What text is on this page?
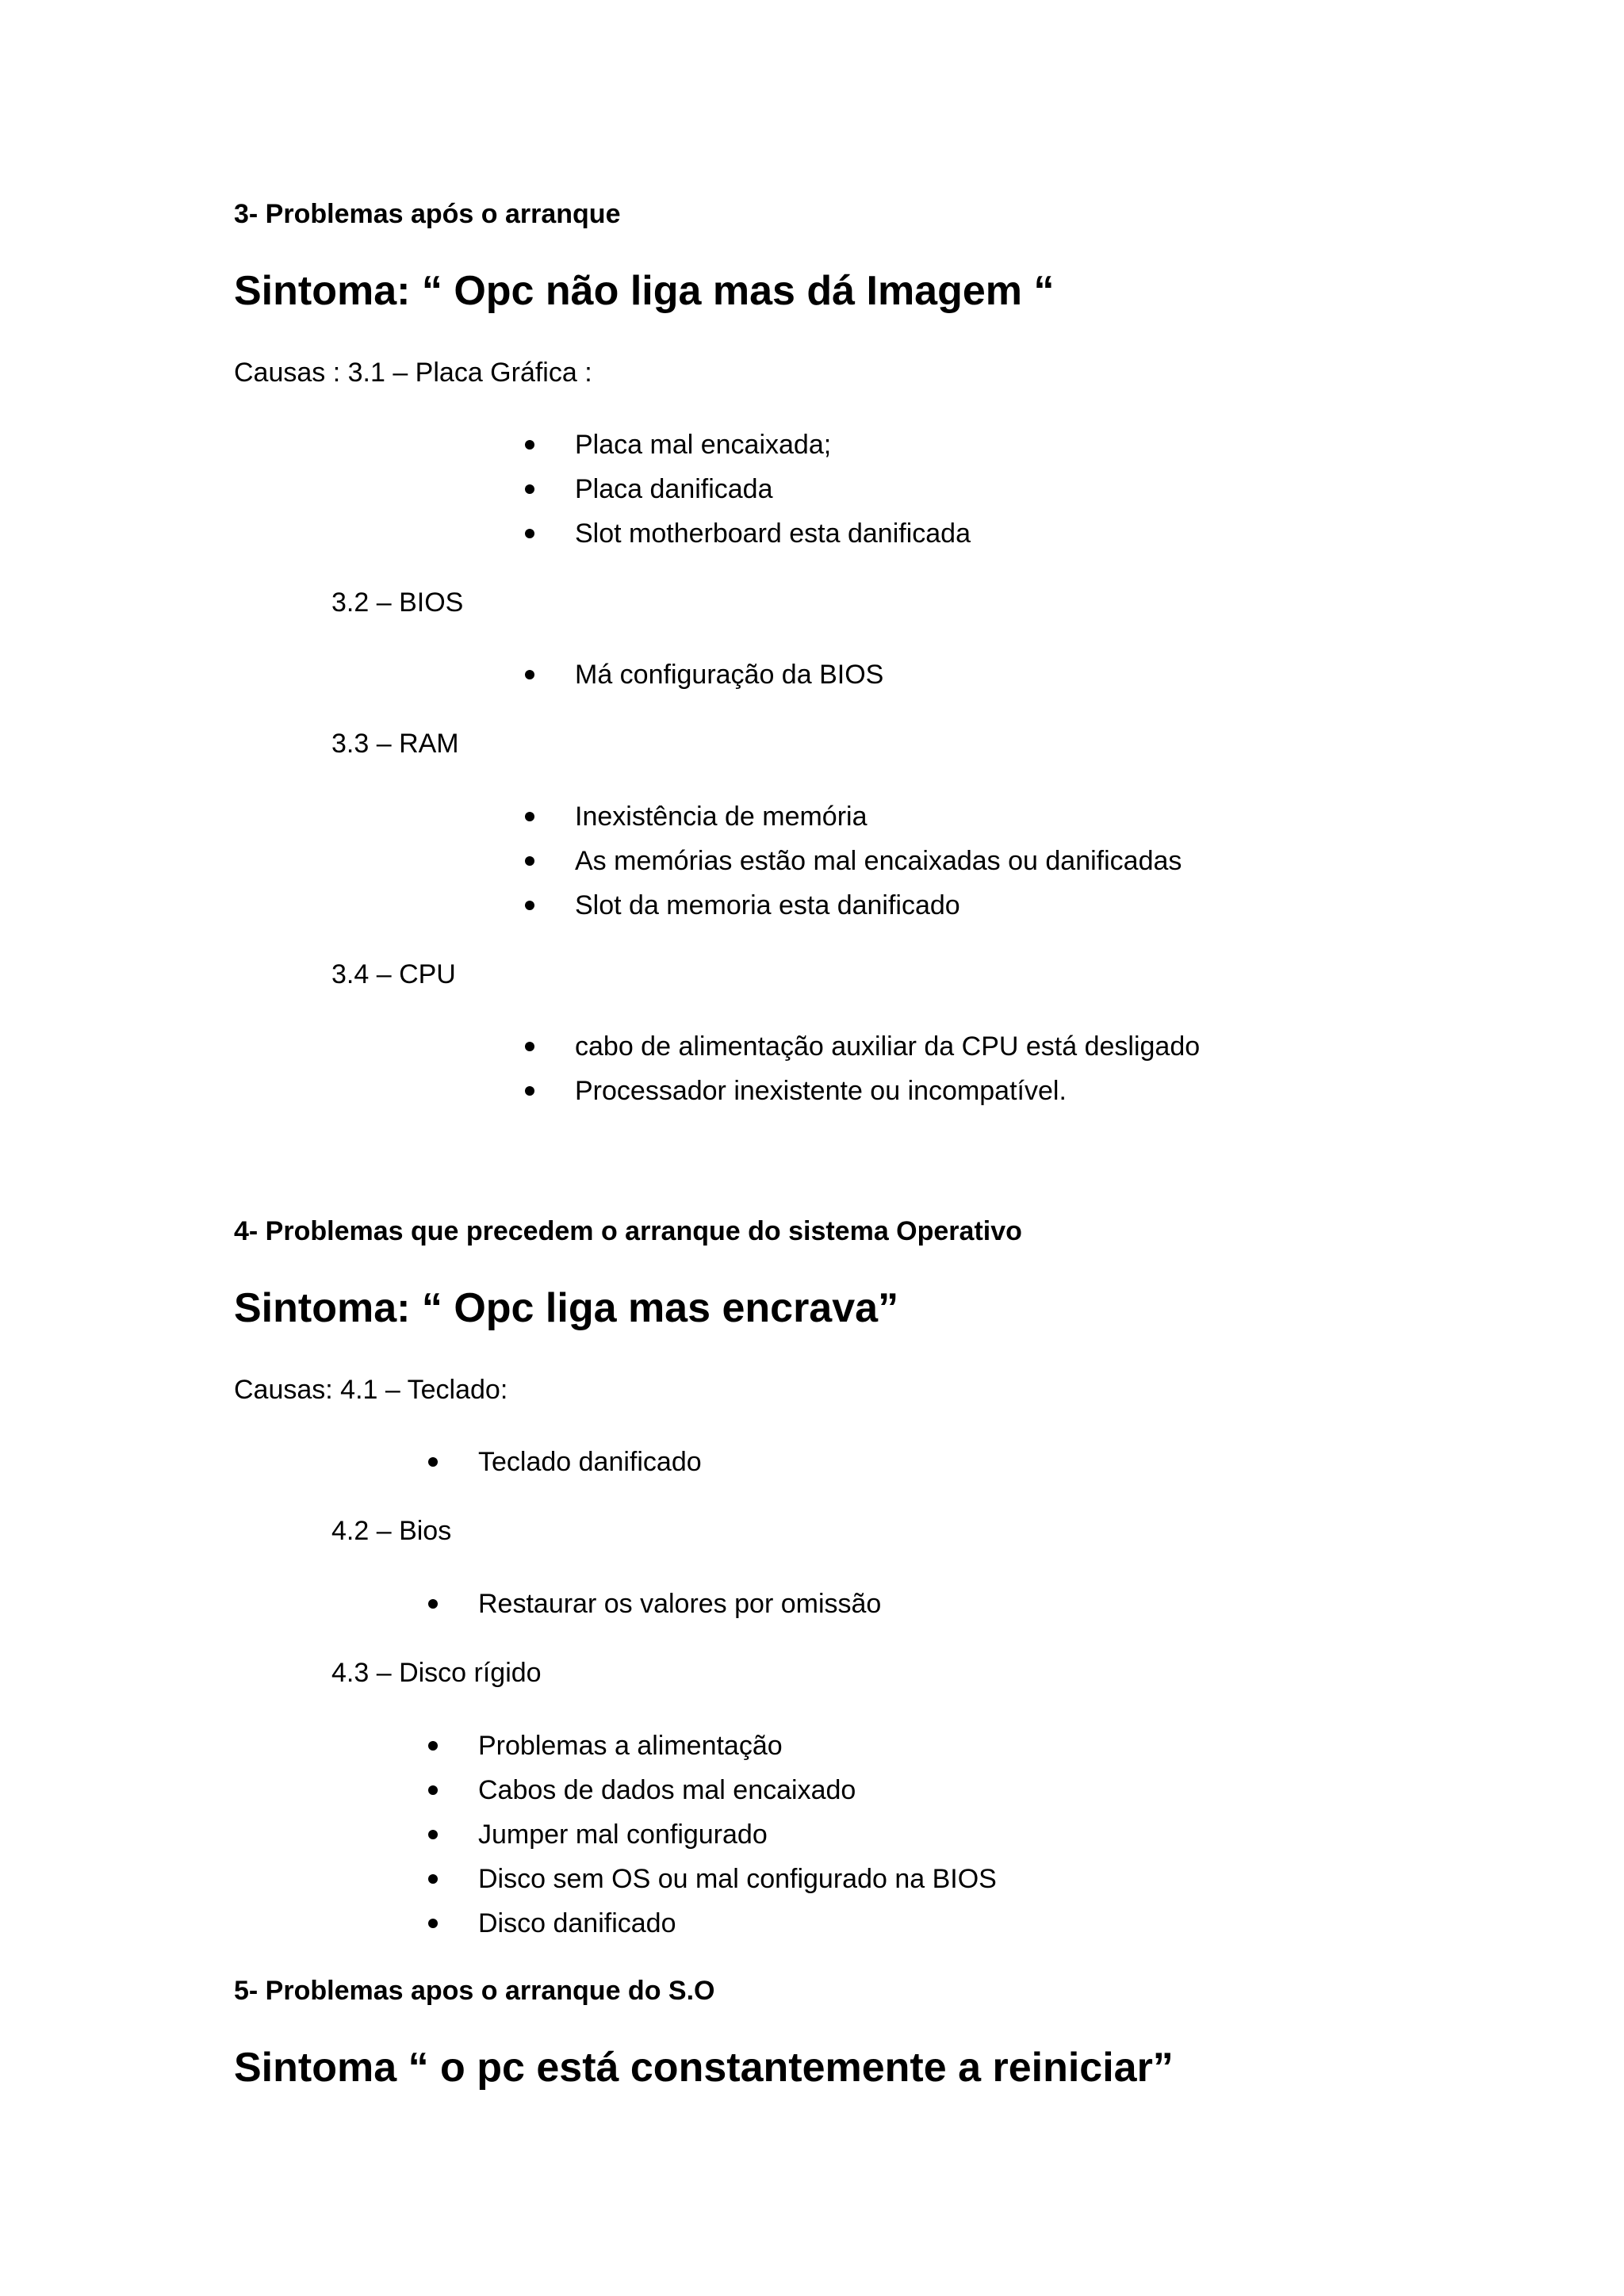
3- Problemas após o arranque
Sintoma: “ Opc não liga mas dá Imagem “
Causas : 3.1 – Placa Gráfica :
Placa mal encaixada;
Placa danificada
Slot motherboard esta danificada
3.2 – BIOS
Má configuração da BIOS
3.3 – RAM
Inexistência de memória
As memórias estão mal encaixadas ou danificadas
Slot da memoria esta danificado
3.4 – CPU
cabo de alimentação auxiliar da CPU está desligado
Processador inexistente ou incompatível.
4- Problemas que precedem o arranque do sistema Operativo
Sintoma: “ Opc liga mas encrava”
Causas: 4.1 – Teclado:
Teclado danificado
4.2 – Bios
Restaurar os valores por omissão
4.3 – Disco rígido
Problemas a alimentação
Cabos de dados mal encaixado
Jumper mal configurado
Disco sem OS ou mal configurado na BIOS
Disco danificado
5- Problemas apos o arranque do S.O
Sintoma “ o pc está constantemente a reiniciar”
